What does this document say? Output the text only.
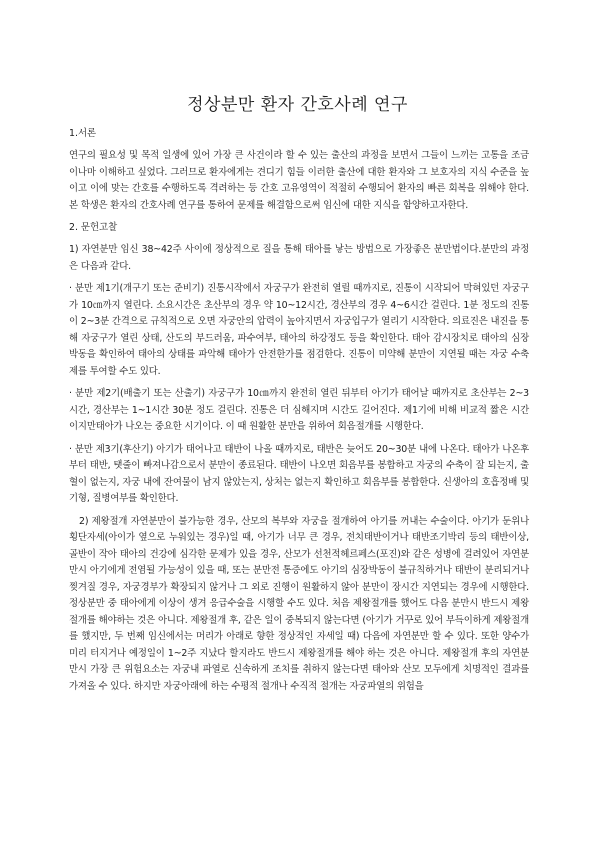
정상분만 환자 간호사례 연구
1.서론

연구의 필요성 및 목적 일생에 있어 가장 큰 사건이라 할 수 있는 출산의 과정을 보면서 그들이 느끼는 고통을 조금이나마 이해하고 싶었다. 그러므로 환자에게는 견디기 힘들 이러한 출산에 대한 환자와 그 보호자의 지식 수준을 높이고 이에 맞는 간호를 수행하도록 격려하는 등 간호 고유영역이 적절히 수행되어 환자의 빠른 회복을 위해야 한다. 본 학생은 환자의 간호사례 연구를 통하여 문제를 해결함으로써 임신에 대한 지식을 함양하고자한다.

2. 문헌고찰

1) 자연분만 임신 38~42주 사이에 정상적으로 질을 통해 태아를 낳는 방법으로 가장좋은 분만법이다.분만의 과정은 다음과 같다.

· 분만 제1기(개구기 또는 준비기) 진통시작에서 자궁구가 완전히 열릴 때까지로, 진통이 시작되어 막혀있던 자궁구가 10㎝까지 열린다. 소요시간은 초산부의 경우 약 10~12시간, 경산부의 경우 4~6시간 걸린다. 1분 정도의 진통이 2~3분 간격으로 규칙적으로 오면 자궁안의 압력이 높아지면서 자궁입구가 열리기 시작한다. 의료진은 내진을 통해 자궁구가 열린 상태, 산도의 부드러움, 파수여부, 태아의 하강정도 등을 확인한다. 태아 감시장치로 태아의 심장박동을 확인하여 태아의 상태를 파악해 태아가 안전한가를 점검한다. 진통이 미약해 분만이 지연될 때는 자궁 수축제를 투여할 수도 있다.

· 분만 제2기(배출기 또는 산출기) 자궁구가 10㎝까지 완전히 열린 뒤부터 아기가 태어날 때까지로 초산부는 2~3시간, 경산부는 1~1시간 30분 정도 걸린다. 진통은 더 심해지며 시간도 길어진다. 제1기에 비해 비교적 짧은 시간이지만태아가 나오는 중요한 시기이다. 이 때 원활한 분만을 위하여 회음절개를 시행한다.

· 분만 제3기(후산기) 아기가 태어나고 태반이 나올 때까지로, 태반은 늦어도 20~30분 내에 나온다. 태아가 나온후부터 태반, 탯줄이 빠져나감으로서 분만이 종료된다. 태반이 나오면 회음부를 봉합하고 자궁의 수축이 잘 되는지, 출혈이 없는지, 자궁 내에 잔여물이 남지 않았는지, 상처는 없는지 확인하고 회음부를 봉합한다. 신생아의 호흡정배 및 기형, 질병여부를 확인한다.

2) 제왕절개 자연분만이 불가능한 경우, 산모의 복부와 자궁을 절개하여 아기를 꺼내는 수술이다. 아기가 둔위나 횡단자세(아이가 옆으로 누워있는 경우)일 때, 아기가 너무 큰 경우, 전치태반이거나 태반조기박리 등의 태반이상, 골반이 작아 태아의 건강에 심각한 문제가 있을 경우, 산모가 선천적헤르페스(포진)와 같은 성병에 걸려있어 자연분만시 아기에게 전염될 가능성이 있을 때, 또는 분만전 통증에도 아기의 심장박동이 불규칙하거나 태반이 분리되거나 찢겨질 경우, 자궁경부가 확장되지 않거나 그 외로 진행이 원활하지 않아 분만이 장시간 지연되는 경우에 시행한다. 정상분만 중 태아에게 이상이 생겨 응급수술을 시행할 수도 있다. 처음 제왕절개를 했어도 다음 분만시 반드시 제왕절개를 해야하는 것은 아니다. 제왕절개 후, 같은 일이 중복되지 않는다면 (아기가 거꾸로 있어 부득이하게 제왕절개를 했지만, 두 번째 임신에서는 머리가 아래로 향한 정상적인 자세일 때) 다음에 자연분만 할 수 있다. 또한 양수가 미리 터지거나 예정일이 1~2주 지났다 할지라도 반드시 제왕절개를 해야 하는 것은 아니다. 제왕절개 후의 자연분만시 가장 큰 위험요소는 자궁내 파열로 신속하게 조치를 취하지 않는다면 태아와 산모 모두에게 치명적인 결과를 가져올 수 있다. 하지만 자궁아래에 하는 수평적 절개나 수직적 절개는 자궁파열의 위험을
